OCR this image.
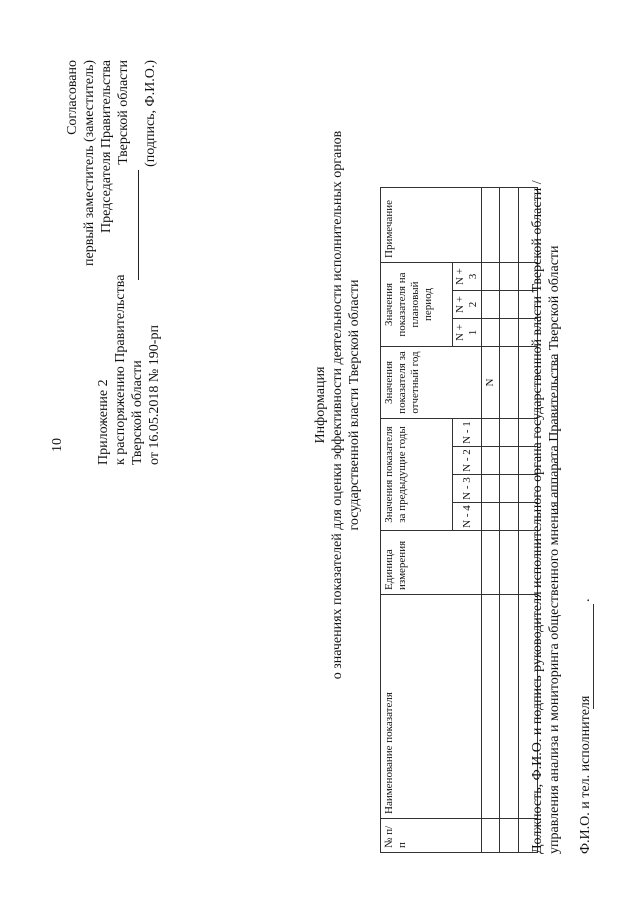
10 Приложение 2 к распоряжению Правительства Тверской области от 16.05.2018 № 190-рп
Согласовано первый заместитель (заместитель) Председателя Правительства Тверской области (подпись, Ф.И.О.)
Информация о значениях показателей для оценки эффективности деятельности исполнительных органов государственной власти Тверской области
№ п/п	Наименование показателя	Единица измерения	Значения показателя за предыдущие годы				Значения показателя за отчетный год	Значения показателя на плановый период			Примечание
			N - 4	N - 3	N - 2	N - 1		N + 1	N + 2	N + 3	
							N				

											Должность, Ф.И.О. и подпись руководителя исполнительного органа государственной власти Тверской области / управления анализа и мониторинга общественного мнения аппарата Правительства Тверской области Ф.И.О. и тел. исполнителя
.
